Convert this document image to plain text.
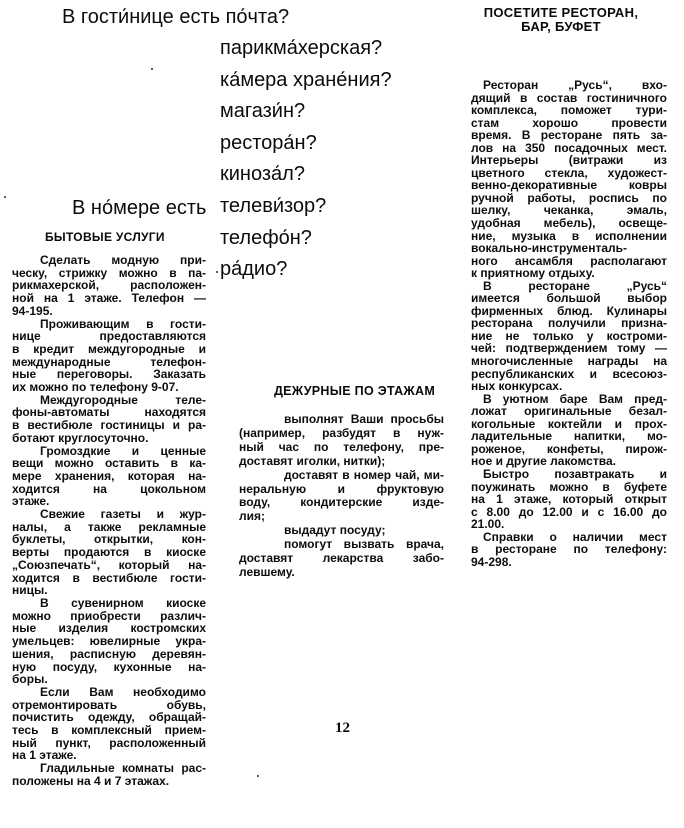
В гости́нице есть по́чта?
парикма́херская?
ка́мера хране́ния?
магази́н?
рестора́н?
киноза́л?
телеви́зор?
телефо́н?
ра́дио?
В но́мере есть
БЫТОВЫЕ УСЛУГИ
Сделать модную при-
ческу, стрижку можно в па-
рикмахерской, расположен-
ной на 1 этаже. Телефон —
94-195.
Проживающим в гости-
нице предоставляются
в кредит междугородные и
международные телефон-
ные переговоры. Заказать
их можно по телефону 9-07.
Междугородные теле-
фоны-автоматы находятся
в вестибюле гостиницы и ра-
ботают круглосуточно.
Громоздкие и ценные
вещи можно оставить в ка-
мере хранения, которая на-
ходится на цокольном
этаже.
Свежие газеты и жур-
налы, а также рекламные
буклеты, открытки, кон-
верты продаются в киоске
„Союзпечать“, который на-
ходится в вестибюле гости-
ницы.
В сувенирном киоске
можно приобрести различ-
ные изделия костромских
умельцев: ювелирные укра-
шения, расписную деревян-
ную посуду, кухонные на-
боры.
Если Вам необходимо
отремонтировать обувь,
почистить одежду, обращай-
тесь в комплексный прием-
ный пункт, расположенный
на 1 этаже.
Гладильные комнаты рас-
положены на 4 и 7 этажах.
ДЕЖУРНЫЕ ПО ЭТАЖАМ
выполнят Ваши просьбы
(например, разбудят в нуж-
ный час по телефону, пре-
доставят иголки, нитки);
доставят в номер чай, ми-
неральную и фруктовую
воду, кондитерские изде-
лия;
выдадут посуду;
помогут вызвать врача,
доставят лекарства забо-
левшему.
ПОСЕТИТЕ РЕСТОРАН,
БАР, БУФЕТ
Ресторан „Русь“, вхо-
дящий в состав гостиничного
комплекса, поможет тури-
стам хорошо провести
время. В ресторане пять за-
лов на 350 посадочных мест.
Интерьеры (витражи из
цветного стекла, художест-
венно-декоративные ковры
ручной работы, роспись по
шелку, чеканка, эмаль,
удобная мебель), освеще-
ние, музыка в исполнении
вокально-инструменталь-
ного ансамбля располагают
к приятному отдыху.
В ресторане „Русь“
имеется большой выбор
фирменных блюд. Кулинары
ресторана получили призна-
ние не только у костроми-
чей: подтверждением тому —
многочисленные награды на
республиканских и всесоюз-
ных конкурсах.
В уютном баре Вам пред-
ложат оригинальные безал-
когольные коктейли и прох-
ладительные напитки, мо-
роженое, конфеты, пирож-
ное и другие лакомства.
Быстро позавтракать и
поужинать можно в буфете
на 1 этаже, который открыт
с 8.00 до 12.00 и с 16.00 до
21.00.
Справки о наличии мест
в ресторане по телефону:
94-298.
12
